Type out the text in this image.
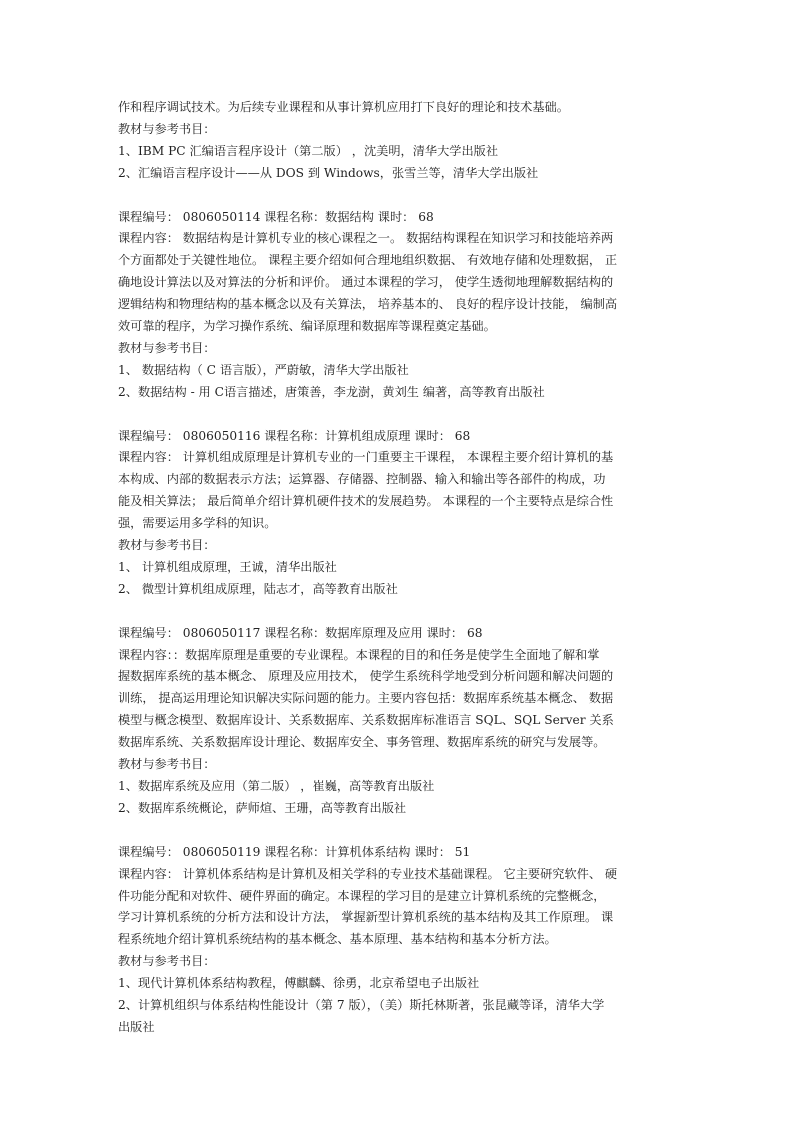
作和程序调试技术。为后续专业课程和从事计算机应用打下良好的理论和技术基础。
教材与参考书目：
1、IBM PC 汇编语言程序设计（第二版） ，沈美明，清华大学出版社
2、汇编语言程序设计——从 DOS 到 Windows，张雪兰等，清华大学出版社
课程编号： 0806050114 课程名称：数据结构 课时： 68
课程内容： 数据结构是计算机专业的核心课程之一。 数据结构课程在知识学习和技能培养两
个方面都处于关键性地位。 课程主要介绍如何合理地组织数据、 有效地存储和处理数据， 正
确地设计算法以及对算法的分析和评价。 通过本课程的学习， 使学生透彻地理解数据结构的
逻辑结构和物理结构的基本概念以及有关算法， 培养基本的、 良好的程序设计技能， 编制高
效可靠的程序，为学习操作系统、编译原理和数据库等课程奠定基础。
教材与参考书目：
1、 数据结构（ C 语言版），严蔚敏，清华大学出版社
2、数据结构 - 用 C语言描述，唐策善，李龙澍，黄刘生 编著，高等教育出版社
课程编号： 0806050116 课程名称：计算机组成原理 课时： 68
课程内容： 计算机组成原理是计算机专业的一门重要主干课程， 本课程主要介绍计算机的基
本构成、内部的数据表示方法；运算器、存储器、控制器、输入和输出等各部件的构成，功
能及相关算法； 最后简单介绍计算机硬件技术的发展趋势。 本课程的一个主要特点是综合性
强，需要运用多学科的知识。
教材与参考书目：
1、 计算机组成原理，王诚，清华出版社
2、 微型计算机组成原理，陆志才，高等教育出版社
课程编号： 0806050117 课程名称：数据库原理及应用 课时： 68
课程内容：：数据库原理是重要的专业课程。本课程的目的和任务是使学生全面地了解和掌
握数据库系统的基本概念、 原理及应用技术， 使学生系统科学地受到分析问题和解决问题的
训练， 提高运用理论知识解决实际问题的能力。主要内容包括：数据库系统基本概念、 数据
模型与概念模型、数据库设计、关系数据库、关系数据库标准语言 SQL、SQL Server 关系
数据库系统、关系数据库设计理论、数据库安全、事务管理、数据库系统的研究与发展等。
教材与参考书目：
1、数据库系统及应用（第二版） ，崔巍，高等教育出版社
2、数据库系统概论，萨师煊、王珊，高等教育出版社
课程编号： 0806050119 课程名称：计算机体系结构 课时： 51
课程内容： 计算机体系结构是计算机及相关学科的专业技术基础课程。 它主要研究软件、 硬
件功能分配和对软件、硬件界面的确定。本课程的学习目的是建立计算机系统的完整概念，
学习计算机系统的分析方法和设计方法， 掌握新型计算机系统的基本结构及其工作原理。 课
程系统地介绍计算机系统结构的基本概念、基本原理、基本结构和基本分析方法。
教材与参考书目：
1、现代计算机体系结构教程，傅麒麟、徐勇，北京希望电子出版社
2、计算机组织与体系结构性能设计（第 7 版），（美）斯托林斯著，张昆藏等译，清华大学
出版社
